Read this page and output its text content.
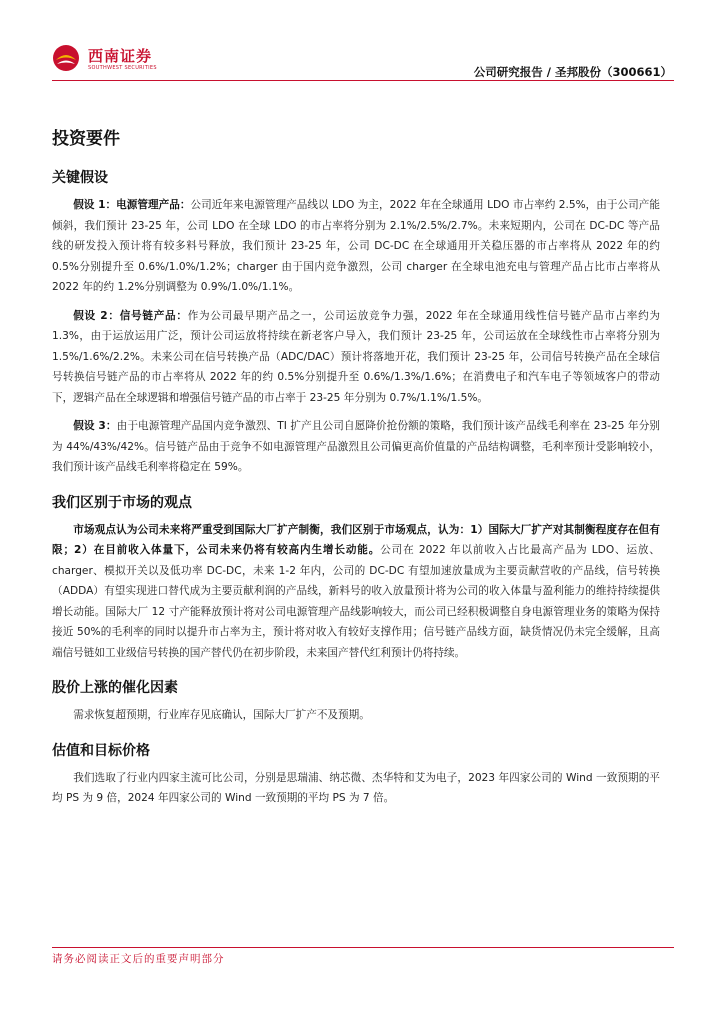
西南证券
SOUTHWEST SECURITIES	公司研究报告 / 圣邦股份（300661）
投资要件
关键假设

假设 1：电源管理产品：公司近年来电源管理产品线以 LDO 为主，2022 年在全球通用 LDO 市占率约 2.5%，由于公司产能倾斜，我们预计 23-25 年，公司 LDO 在全球 LDO 的市占率将分别为 2.1%/2.5%/2.7%。未来短期内，公司在 DC-DC 等产品线的研发投入预计将有较多料号释放，我们预计 23-25 年，公司 DC-DC 在全球通用开关稳压器的市占率将从 2022 年的约 0.5%分别提升至 0.6%/1.0%/1.2%；charger 由于国内竞争激烈，公司 charger 在全球电池充电与管理产品占比市占率将从 2022 年的约 1.2%分别调整为 0.9%/1.0%/1.1%。

假设 2：信号链产品：作为公司最早期产品之一，公司运放竞争力强，2022 年在全球通用线性信号链产品市占率约为 1.3%，由于运放运用广泛，预计公司运放将持续在新老客户导入，我们预计 23-25 年，公司运放在全球线性市占率将分别为 1.5%/1.6%/2.2%。未来公司在信号转换产品（ADC/DAC）预计将落地开花，我们预计 23-25 年，公司信号转换产品在全球信号转换信号链产品的市占率将从 2022 年的约 0.5%分别提升至 0.6%/1.3%/1.6%；在消费电子和汽车电子等领域客户的带动下，逻辑产品在全球逻辑和增强信号链产品的市占率于 23-25 年分别为 0.7%/1.1%/1.5%。

假设 3：由于电源管理产品国内竞争激烈、TI 扩产且公司自愿降价抢份额的策略，我们预计该产品线毛利率在 23-25 年分别为 44%/43%/42%。信号链产品由于竞争不如电源管理产品激烈且公司偏更高价值量的产品结构调整，毛利率预计受影响较小，我们预计该产品线毛利率将稳定在 59%。

我们区别于市场的观点

市场观点认为公司未来将严重受到国际大厂扩产制衡，我们区别于市场观点，认为：1）国际大厂扩产对其制衡程度存在但有限；2）在目前收入体量下，公司未来仍将有较高内生增长动能。公司在 2022 年以前收入占比最高产品为 LDO、运放、charger、模拟开关以及低功率 DC-DC，未来 1-2 年内，公司的 DC-DC 有望加速放量成为主要贡献营收的产品线，信号转换（ADDA）有望实现进口替代成为主要贡献利润的产品线，新料号的收入放量预计将为公司的收入体量与盈利能力的维持持续提供增长动能。国际大厂 12 寸产能释放预计将对公司电源管理产品线影响较大，而公司已经积极调整自身电源管理业务的策略为保持接近 50%的毛利率的同时以提升市占率为主，预计将对收入有较好支撑作用；信号链产品线方面，缺货情况仍未完全缓解，且高端信号链如工业级信号转换的国产替代仍在初步阶段，未来国产替代红利预计仍将持续。

股价上涨的催化因素

需求恢复超预期，行业库存见底确认，国际大厂扩产不及预期。

估值和目标价格

我们选取了行业内四家主流可比公司，分别是思瑞浦、纳芯微、杰华特和艾为电子，2023 年四家公司的 Wind 一致预期的平均 PS 为 9 倍，2024 年四家公司的 Wind 一致预期的平均 PS 为 7 倍。

请务必阅读正文后的重要声明部分
